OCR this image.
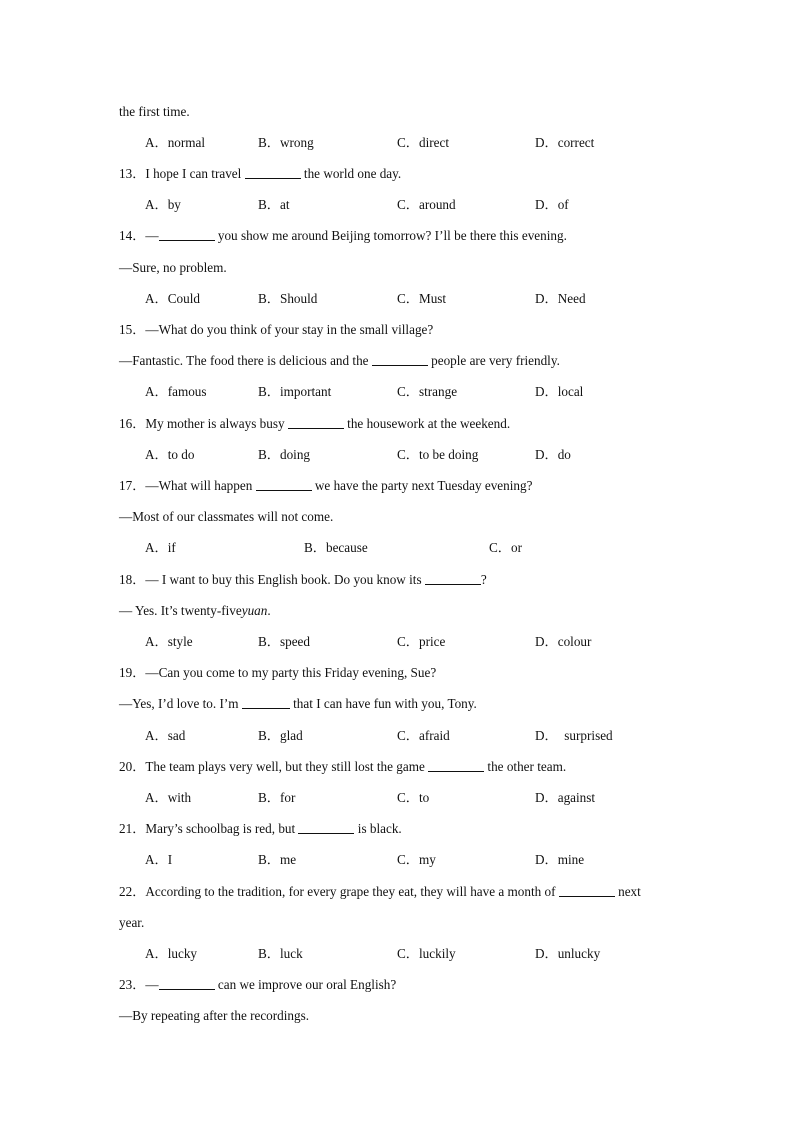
the first time.
A．normal	B．wrong	C．direct	D．correct
13．I hope I can travel	the world one day.
A．by	B．at	C．around	D．of
14．—	you show me around Beijing tomorrow? I’ll be there this evening.
—Sure, no problem.
A．Could	B．Should	C．Must	D．Need
15．—What do you think of your stay in the small village?
—Fantastic. The food there is delicious and the	people are very friendly.
A．famous	B．important	C．strange	D．local
16．My mother is always busy	the housework at the weekend.
A．to do	B．doing	C．to be doing	D．do
17．—What will happen	we have the party next Tuesday evening?
—Most of our classmates will not come.
A．if	B．because	C．or
18．— I want to buy this English book. Do you know its	?
— Yes. It’s twenty-fiveyuan.
A．style	B．speed	C．price	D．colour
19．—Can you come to my party this Friday evening, Sue?
—Yes, I’d love to. I’m	that I can have fun with you, Tony.
A．sad	B．glad	C．afraid	D．  surprised
20．The team plays very well, but they still lost the game	the other team.
A．with	B．for	C．to	D．against
21．Mary’s schoolbag is red, but	is black.
A．I	B．me	C．my	D．mine
22．According to the tradition, for every grape they eat, they will have a month of	next
year.
A．lucky	B．luck	C．luckily	D．unlucky
23．—	can we improve our oral English?
—By repeating after the recordings.
